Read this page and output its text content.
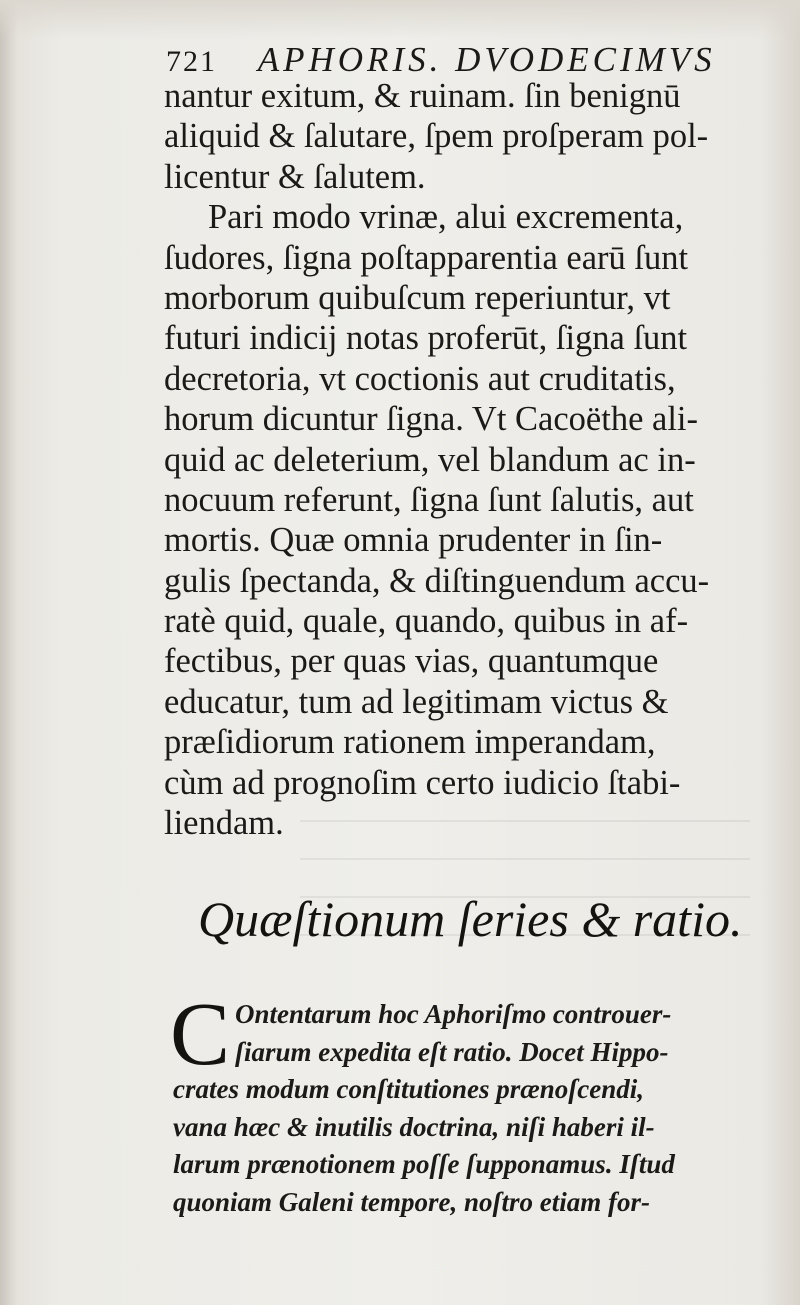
721 APHORIS. DVODECIMVS
nantur exitum, & ruinam. ſin benignū
aliquid & ſalutare, ſpem proſperam pol-
licentur & ſalutem.
Pari modo vrinæ, alui excrementa,
ſudores, ſigna poſtapparentia earū ſunt
morborum quibuſcum reperiuntur, vt
futuri indicij notas proferūt, ſigna ſunt
decretoria, vt coctionis aut cruditatis,
horum dicuntur ſigna. Vt Cacoëthe ali-
quid ac deleterium, vel blandum ac in-
nocuum referunt, ſigna ſunt ſalutis, aut
mortis. Quæ omnia prudenter in ſin-
gulis ſpectanda, & diſtinguendum accu-
ratè quid, quale, quando, quibus in af-
fectibus, per quas vias, quantumque
educatur, tum ad legitimam victus &
præſidiorum rationem imperandam,
cùm ad prognoſim certo iudicio ſtabi-
liendam.
Quæſtionum ſeries & ratio.
C Ontentarum hoc Aphoriſmo controuer-
ſiarum expedita eſt ratio. Docet Hippo-
crates modum conſtitutiones prænoſcendi,
vana hæc & inutilis doctrina, niſi haberi il-
larum prænotionem poſſe ſupponamus. Iſtud
quoniam Galeni tempore, noſtro etiam for-
